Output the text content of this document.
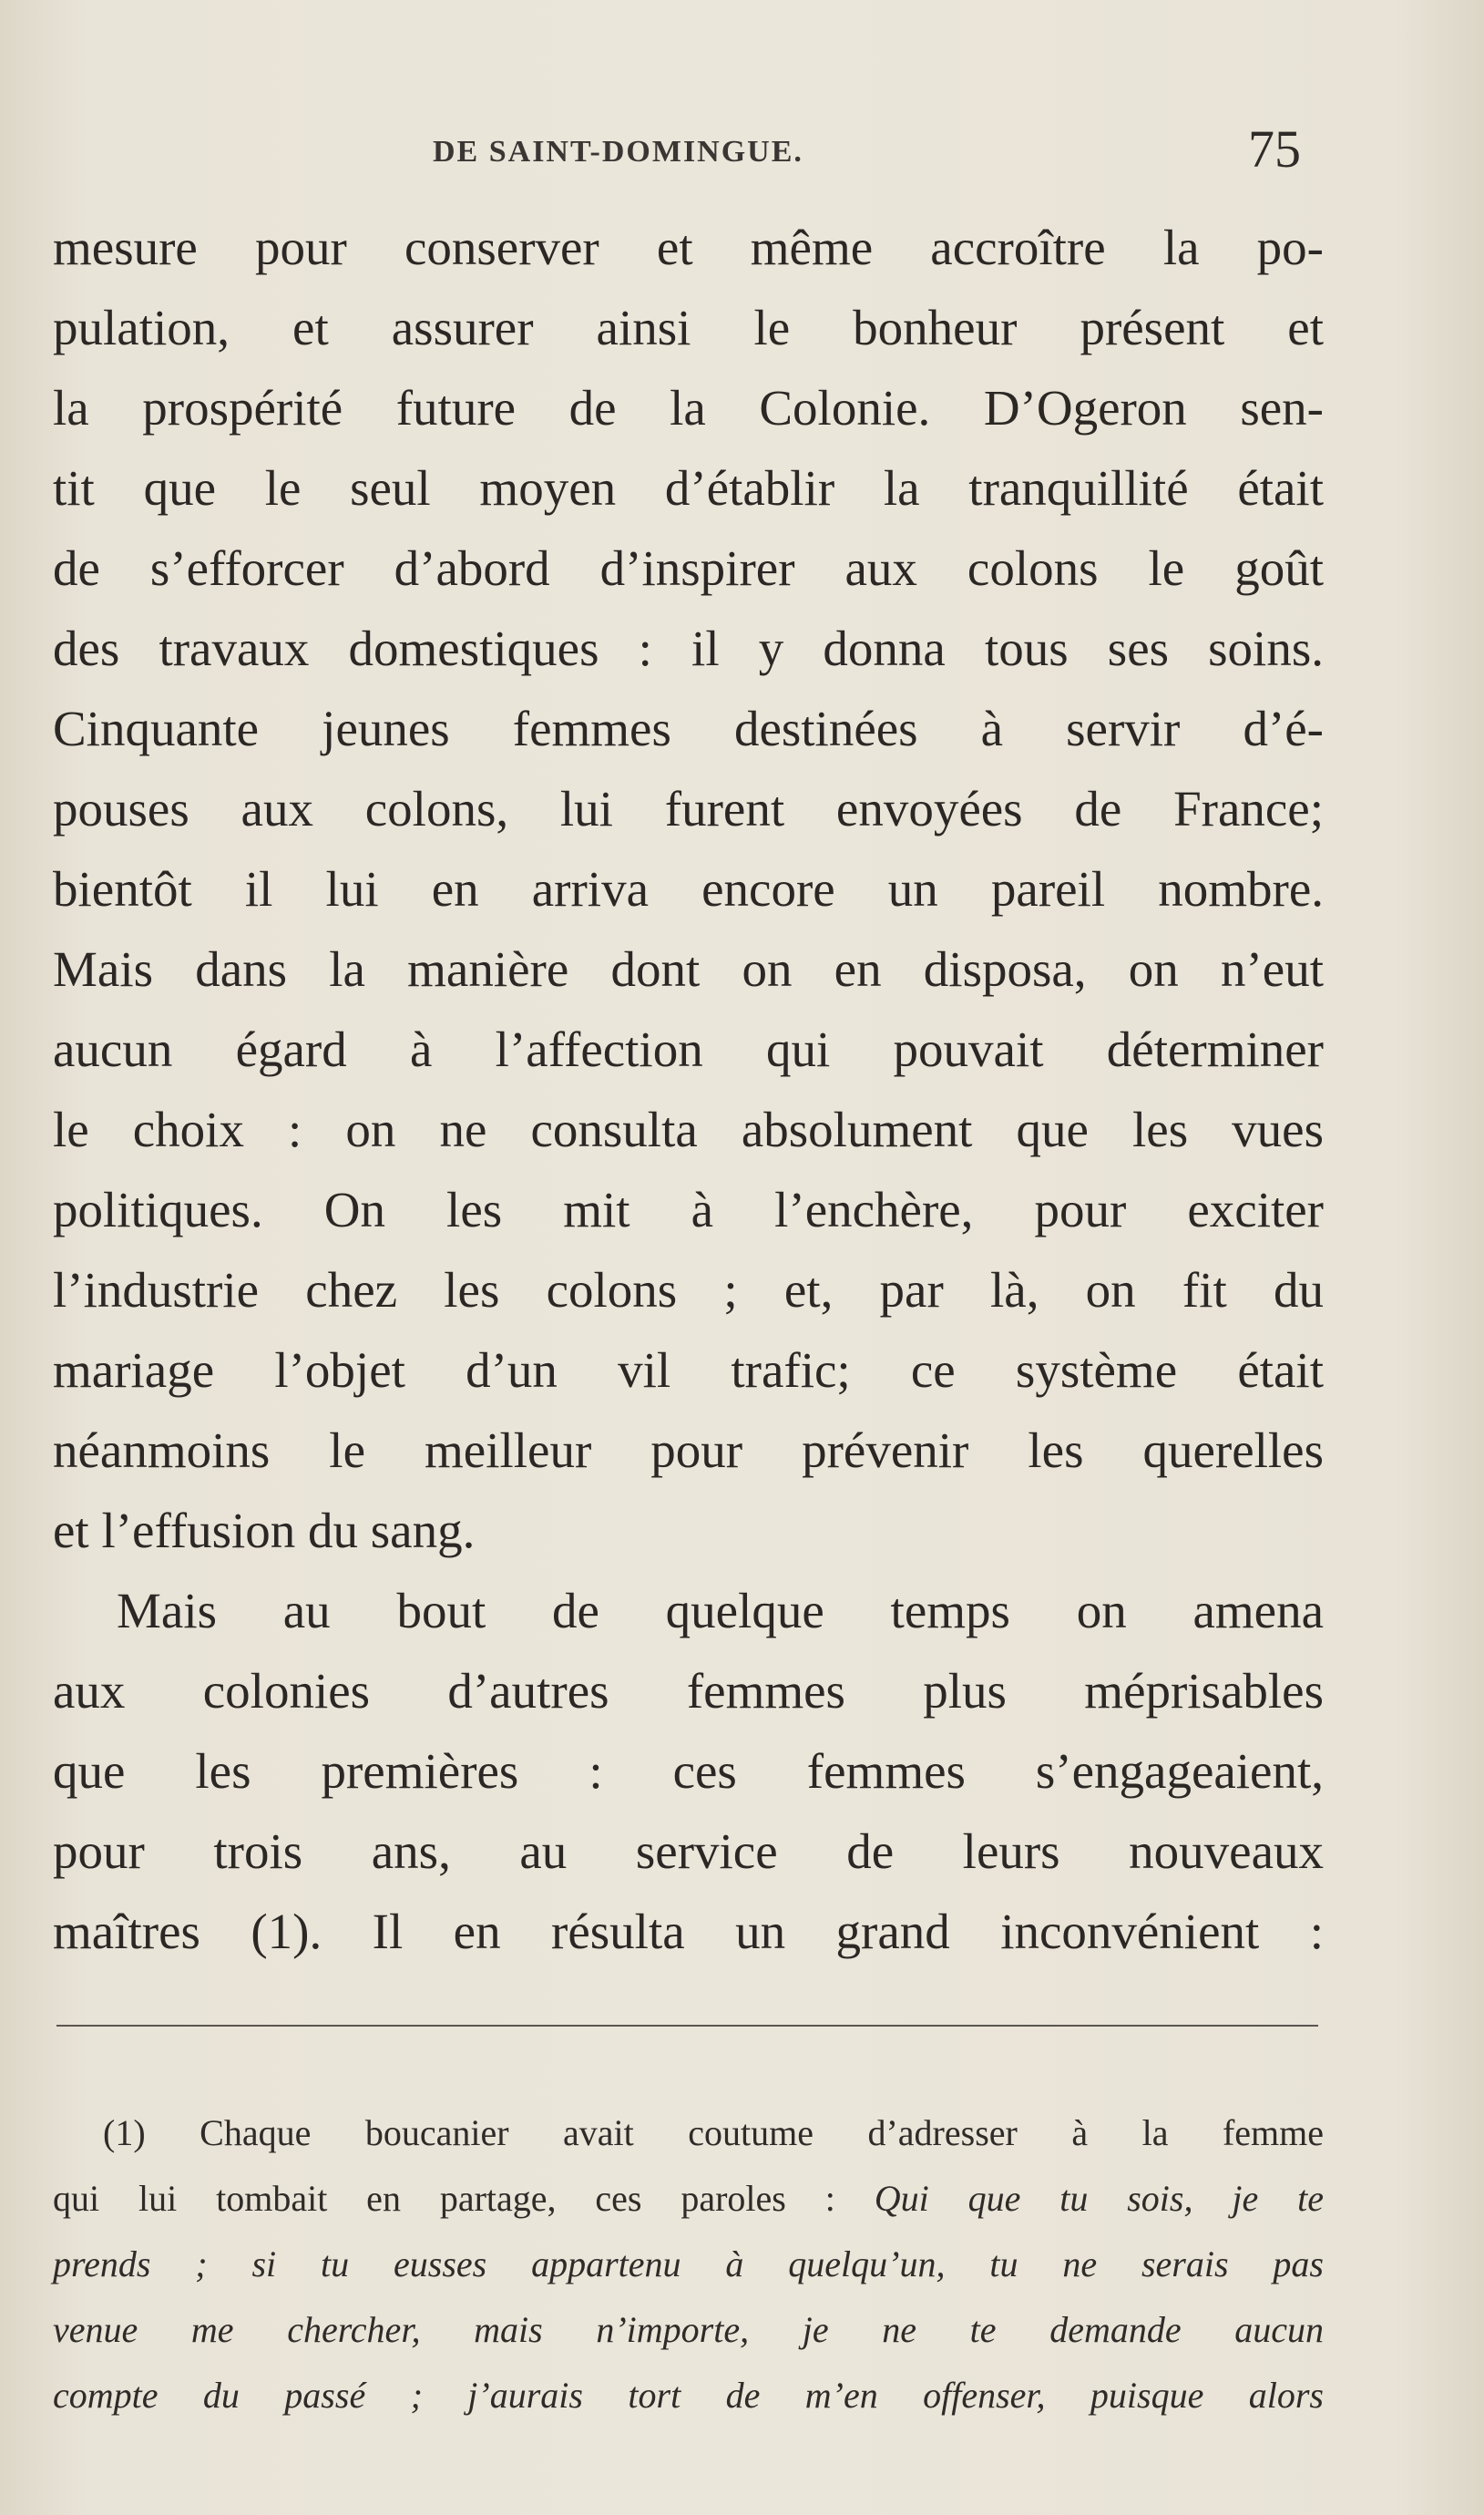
DE SAINT-DOMINGUE.	75
mesure pour conserver et même accroître la po-
pulation, et assurer ainsi le bonheur présent et
la prospérité future de la Colonie. D’Ogeron sen-
tit que le seul moyen d’établir la tranquillité était
de s’efforcer d’abord d’inspirer aux colons le goût
des travaux domestiques : il y donna tous ses soins.
Cinquante jeunes femmes destinées à servir d’é-
pouses aux colons, lui furent envoyées de France;
bientôt il lui en arriva encore un pareil nombre.
Mais dans la manière dont on en disposa, on n’eut
aucun égard à l’affection qui pouvait déterminer
le choix : on ne consulta absolument que les vues
politiques. On les mit à l’enchère, pour exciter
l’industrie chez les colons ; et, par là, on fit du
mariage l’objet d’un vil trafic; ce système était
néanmoins le meilleur pour prévenir les querelles
et l’effusion du sang.
Mais au bout de quelque temps on amena
aux colonies d’autres femmes plus méprisables
que les premières : ces femmes s’engageaient,
pour trois ans, au service de leurs nouveaux
maîtres (1). Il en résulta un grand inconvénient :
(1) Chaque boucanier avait coutume d’adresser à la femme
qui lui tombait en partage, ces paroles : Qui que tu sois, je te
prends ; si tu eusses appartenu à quelqu’un, tu ne serais pas
venue me chercher, mais n’importe, je ne te demande aucun
compte du passé ; j’aurais tort de m’en offenser, puisque alors
